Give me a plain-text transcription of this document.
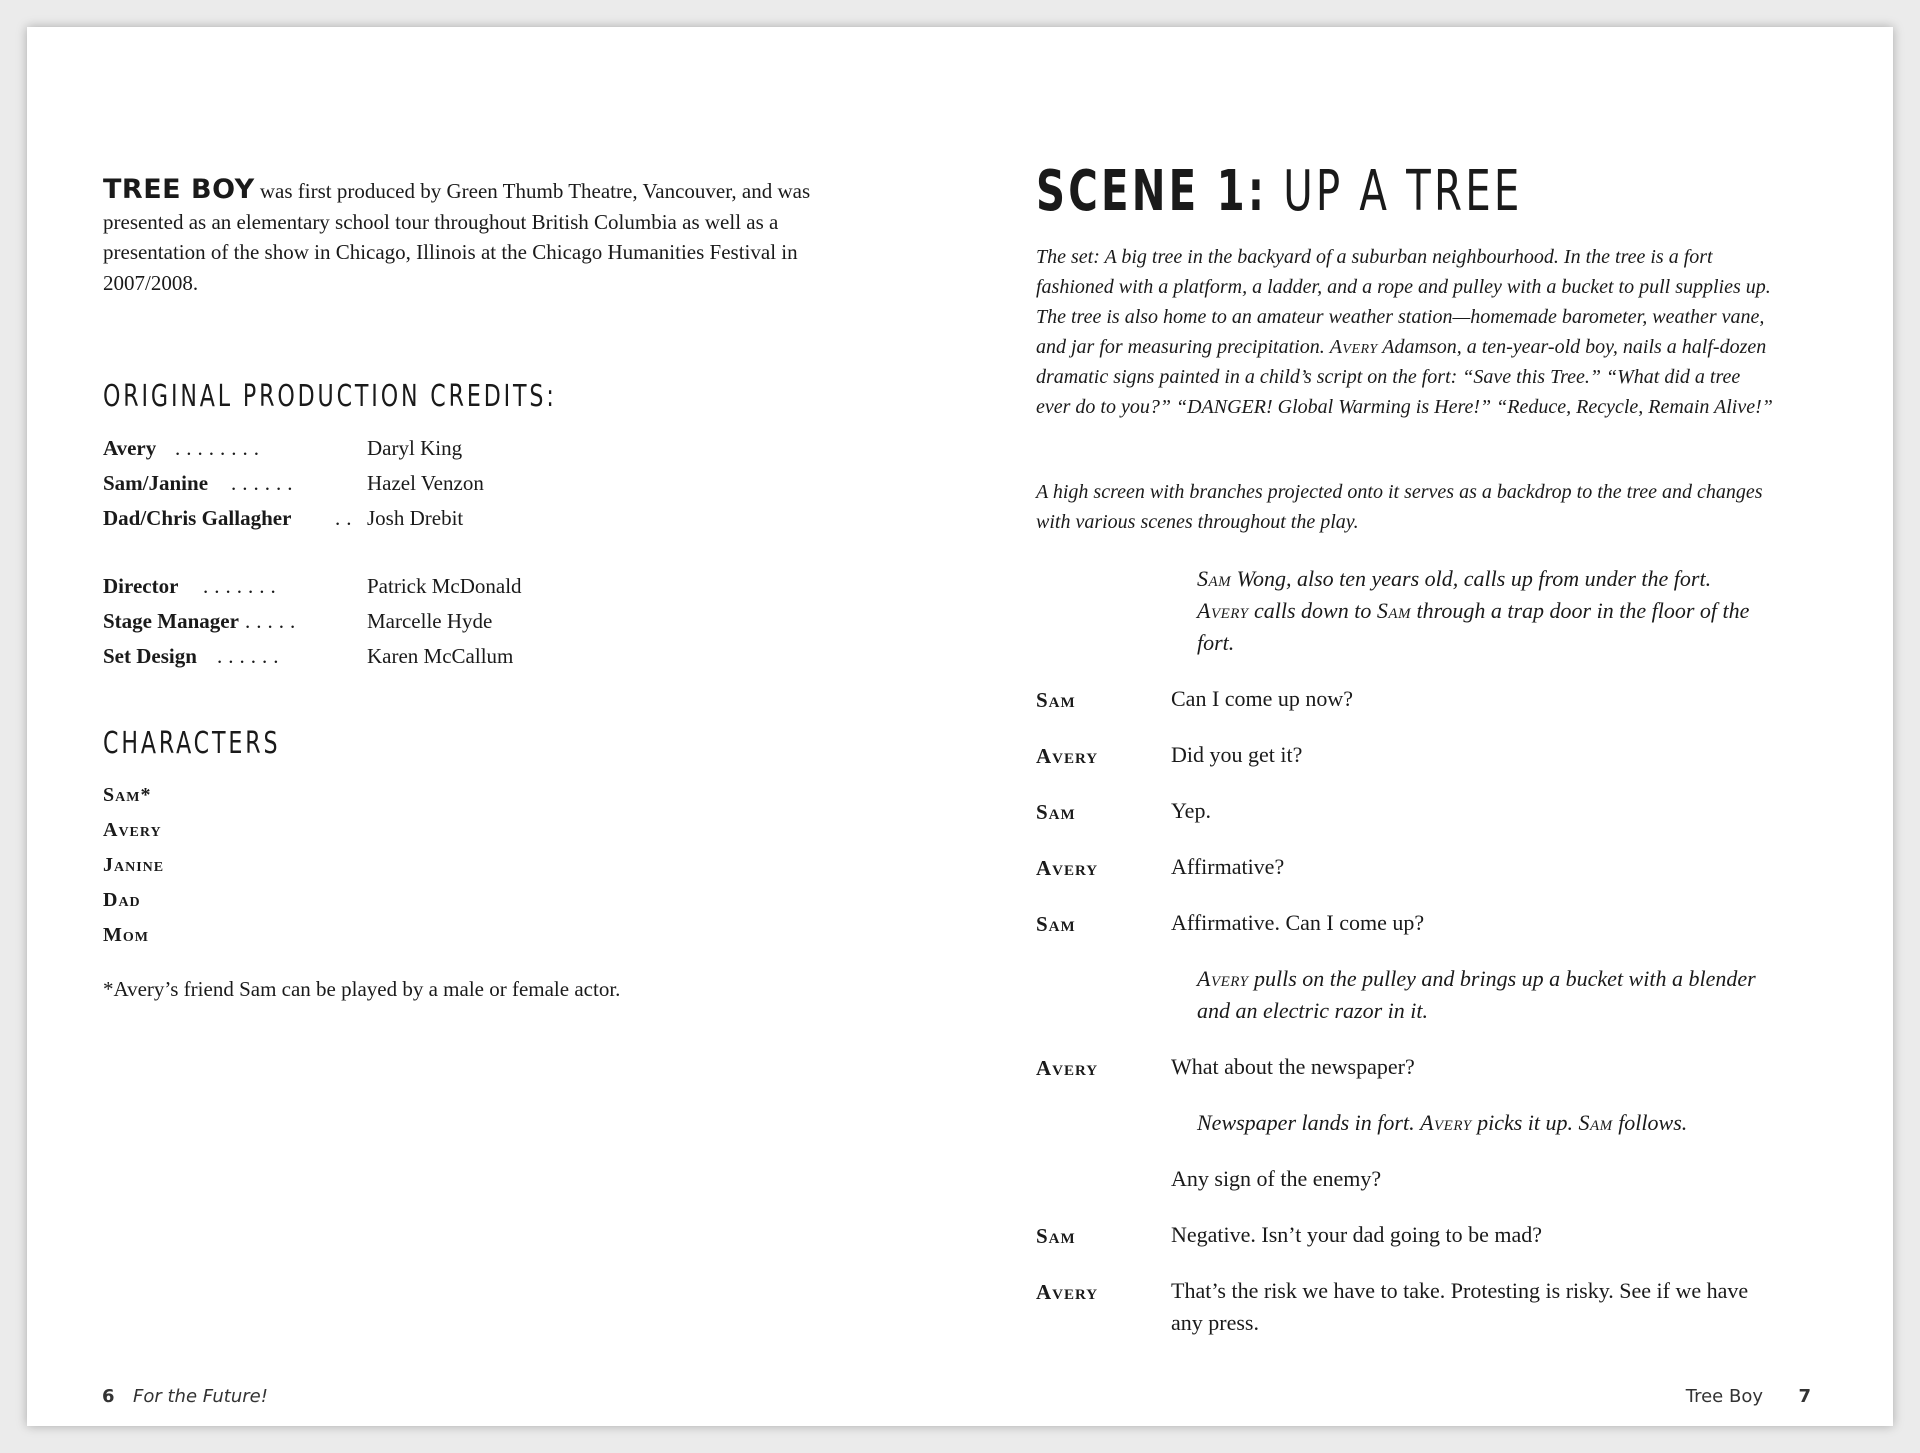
TREE BOY was first produced by Green Thumb Theatre, Vancouver, and was presented as an elementary school tour throughout British Columbia as well as a presentation of the show in Chicago, Illinois at the Chicago Humanities Festival in 2007/2008.
ORIGINAL PRODUCTION CREDITS:
Avery ........	Daryl King
Sam/Janine ......	Hazel Venzon
Dad/Chris Gallagher .. Josh Drebit
Director .......	Patrick McDonald
Stage Manager .....	Marcelle Hyde
Set Design ......	Karen McCallum
CHARACTERS
Sam*
Avery
Janine
Dad
Mom
*Avery’s friend Sam can be played by a male or female actor.
6 For the Future!
SCENE 1: UP A TREE
The set: A big tree in the backyard of a suburban neighbourhood. In the tree is a fort fashioned with a platform, a ladder, and a rope and pulley with a bucket to pull supplies up. The tree is also home to an amateur weather station—homemade barometer, weather vane, and jar for measuring precipitation. Avery Adamson, a ten-year-old boy, nails a half-dozen dramatic signs painted in a child’s script on the fort: “Save this Tree.” “What did a tree ever do to you?” “DANGER! Global Warming is Here!” “Reduce, Recycle, Remain Alive!”
A high screen with branches projected onto it serves as a backdrop to the tree and changes with various scenes throughout the play.
Sam Wong, also ten years old, calls up from under the fort. Avery calls down to Sam through a trap door in the floor of the fort.
Sam	Can I come up now?
Avery	Did you get it?
Sam	Yep.
Avery	Affirmative?
Sam	Affirmative. Can I come up?
Avery pulls on the pulley and brings up a bucket with a blender and an electric razor in it.
Avery	What about the newspaper?
Newspaper lands in fort. Avery picks it up. Sam follows.
Any sign of the enemy?
Sam	Negative. Isn’t your dad going to be mad?
Avery	That’s the risk we have to take. Protesting is risky. See if we have any press.
Tree Boy 7
